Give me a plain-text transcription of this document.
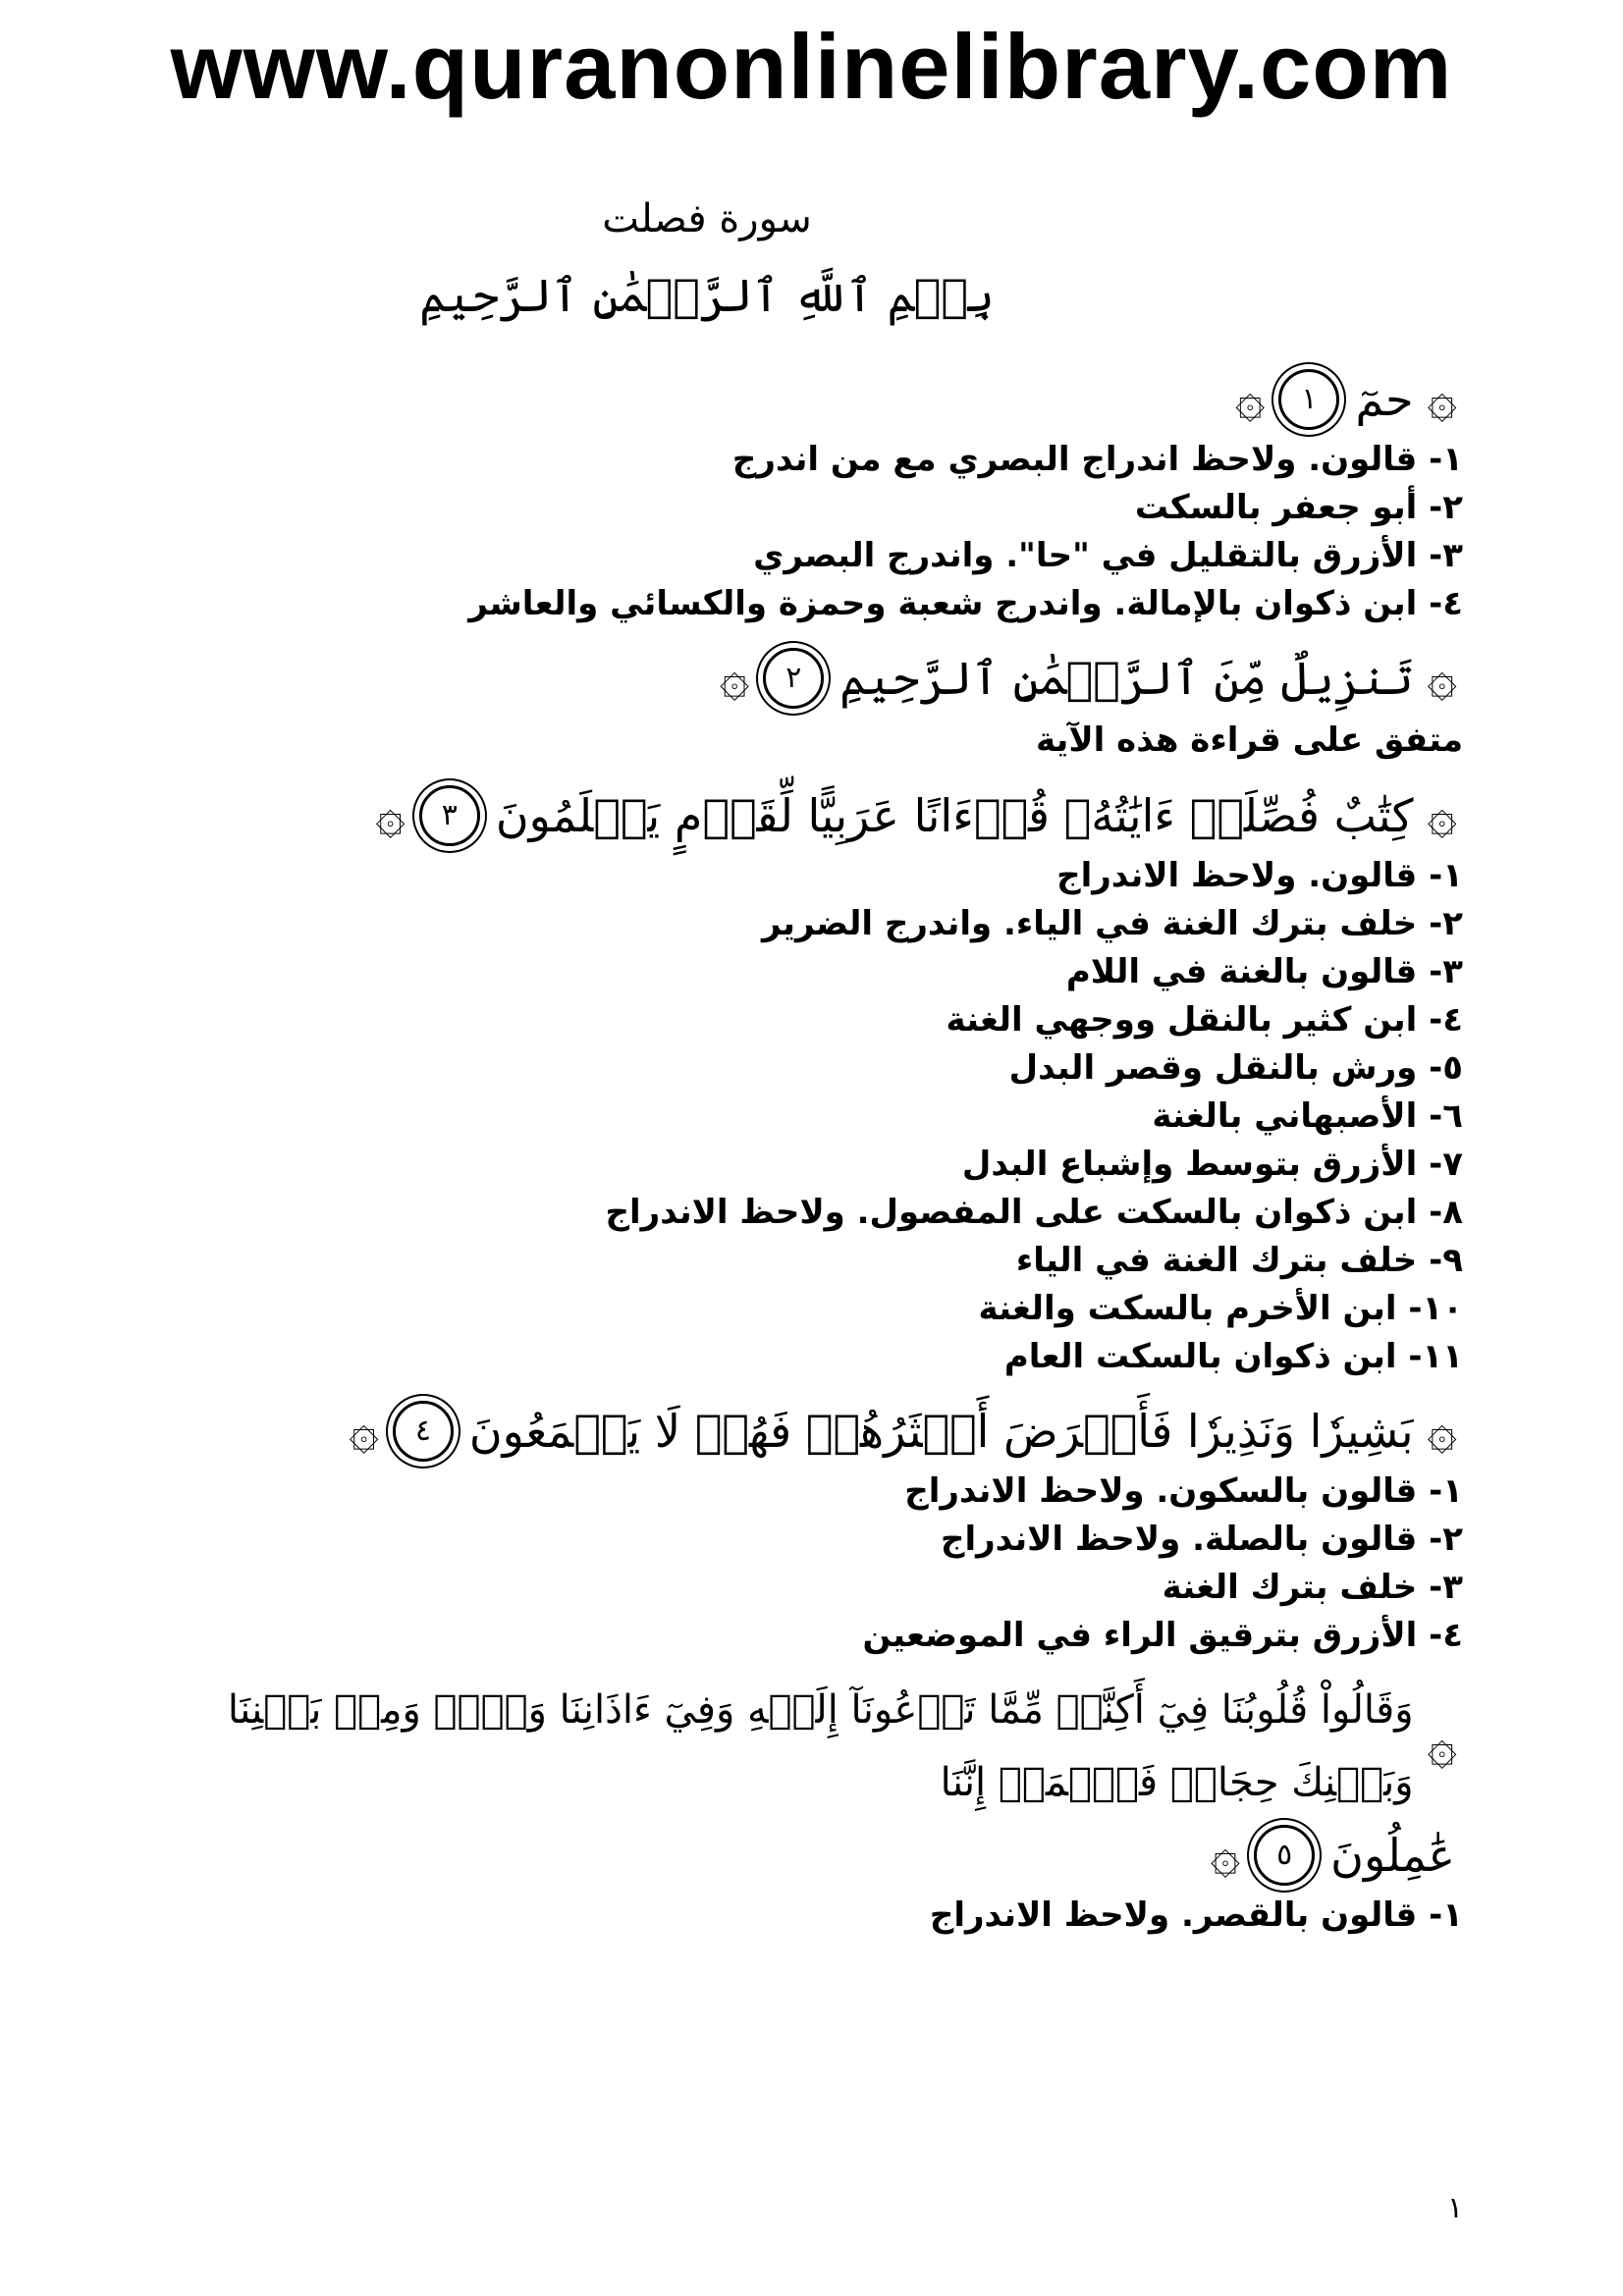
www.quranonlinelibrary.com
سورة فصلت
بِسۡمِ ٱللَّهِ ٱلرَّحۡمَٰنِ ٱلرَّحِيمِ
۞
حمٓ
١
۞
١- قالون. ولاحظ اندراج البصري مع من اندرج
٢- أبو جعفر بالسكت
٣- الأزرق بالتقليل في "حا". واندرج البصري
٤- ابن ذكوان بالإمالة. واندرج شعبة وحمزة والكسائي والعاشر
۞
تَنزِيلٌ مِّنَ ٱلرَّحۡمَٰنِ ٱلرَّحِيمِ
٢
۞
متفق على قراءة هذه الآية
۞
كِتَٰبٌ فُصِّلَتۡ ءَايَٰتُهُۥ قُرۡءَانًا عَرَبِيًّا لِّقَوۡمٍ يَعۡلَمُونَ
٣
۞
١- قالون. ولاحظ الاندراج
٢- خلف بترك الغنة في الياء. واندرج الضرير
٣- قالون بالغنة في اللام
٤- ابن كثير بالنقل ووجهي الغنة
٥- ورش بالنقل وقصر البدل
٦- الأصبهاني بالغنة
٧- الأزرق بتوسط وإشباع البدل
٨- ابن ذكوان بالسكت على المفصول. ولاحظ الاندراج
٩- خلف بترك الغنة في الياء
١٠- ابن الأخرم بالسكت والغنة
١١- ابن ذكوان بالسكت العام
۞
بَشِيرٗا وَنَذِيرٗا فَأَعۡرَضَ أَكۡثَرُهُمۡ فَهُمۡ لَا يَسۡمَعُونَ
٤
۞
١- قالون بالسكون. ولاحظ الاندراج
٢- قالون بالصلة. ولاحظ الاندراج
٣- خلف بترك الغنة
٤- الأزرق بترقيق الراء في الموضعين
۞
وَقَالُواْ قُلُوبُنَا فِيٓ أَكِنَّةٖ مِّمَّا تَدۡعُونَآ إِلَيۡهِ وَفِيٓ ءَاذَانِنَا وَقۡرٞ وَمِنۢ بَيۡنِنَا وَبَيۡنِكَ حِجَابٞ فَٱعۡمَلۡ إِنَّنَا
عَٰمِلُونَ
٥
۞
١- قالون بالقصر. ولاحظ الاندراج
١
